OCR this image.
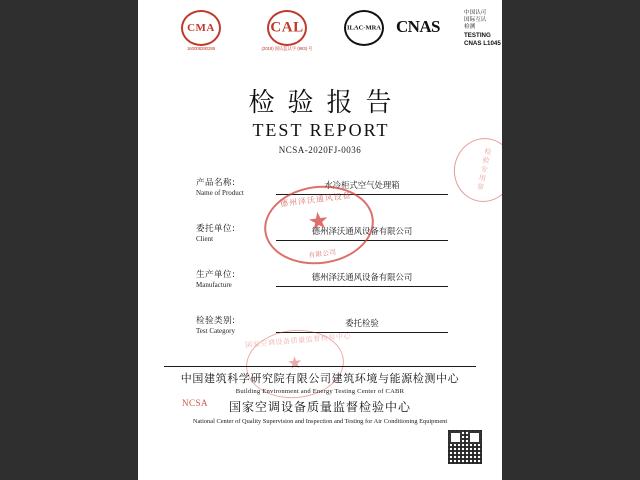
CMA
160008280285
CAL
(2018) 国认监认字 (983) 号
ILAC-MRA CNAS
中国认可
国际互认
检测
TESTING
CNAS L1045
检验报告
TEST REPORT
NCSA-2020FJ-0036
产品名称:
Name of Product
水冷柜式空气处理箱
委托单位:
Client
德州泽沃通风设备有限公司
生产单位:
Manufacture
德州泽沃通风设备有限公司
检验类别:
Test Category
委托检验
德州泽沃通风设备
★
有限公司
检验专用章
国家空调设备质量监督检验中心
★
中国建筑科学研究院有限公司建筑环境与能源检测中心
Building Environment and Energy Testing Center of CABR
国家空调设备质量监督检验中心
National Center of Quality Supervision and Inspection and Testing for Air Conditioning Equipment
NCSA
